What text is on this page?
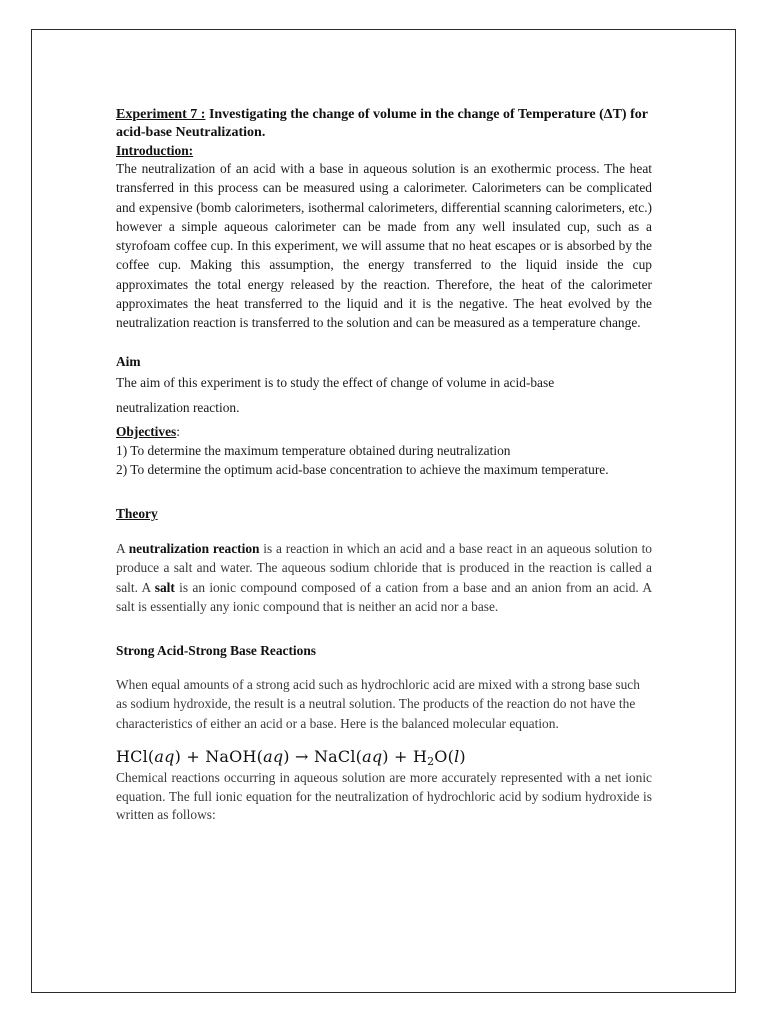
Experiment 7 : Investigating the change of volume in the change of Temperature (ΔT) for acid-base Neutralization.
Introduction:
The neutralization of an acid with a base in aqueous solution is an exothermic process. The heat transferred in this process can be measured using a calorimeter. Calorimeters can be complicated and expensive (bomb calorimeters, isothermal calorimeters, differential scanning calorimeters, etc.) however a simple aqueous calorimeter can be made from any well insulated cup, such as a styrofoam coffee cup. In this experiment, we will assume that no heat escapes or is absorbed by the coffee cup. Making this assumption, the energy transferred to the liquid inside the cup approximates the total energy released by the reaction. Therefore, the heat of the calorimeter approximates the heat transferred to the liquid and it is the negative. The heat evolved by the neutralization reaction is transferred to the solution and can be measured as a temperature change.
Aim
The aim of this experiment is to study the effect of change of volume in acid-base
neutralization reaction.
Objectives:
1) To determine the maximum temperature obtained during neutralization
2) To determine the optimum acid-base concentration to achieve the maximum temperature.
Theory
A neutralization reaction is a reaction in which an acid and a base react in an aqueous solution to produce a salt and water. The aqueous sodium chloride that is produced in the reaction is called a salt. A salt is an ionic compound composed of a cation from a base and an anion from an acid. A salt is essentially any ionic compound that is neither an acid nor a base.
Strong Acid-Strong Base Reactions
When equal amounts of a strong acid such as hydrochloric acid are mixed with a strong base such as sodium hydroxide, the result is a neutral solution. The products of the reaction do not have the characteristics of either an acid or a base. Here is the balanced molecular equation.
HCl(aq) + NaOH(aq) → NaCl(aq) + $H_2O(l)$
Chemical reactions occurring in aqueous solution are more accurately represented with a net ionic equation. The full ionic equation for the neutralization of hydrochloric acid by sodium hydroxide is written as follows:
